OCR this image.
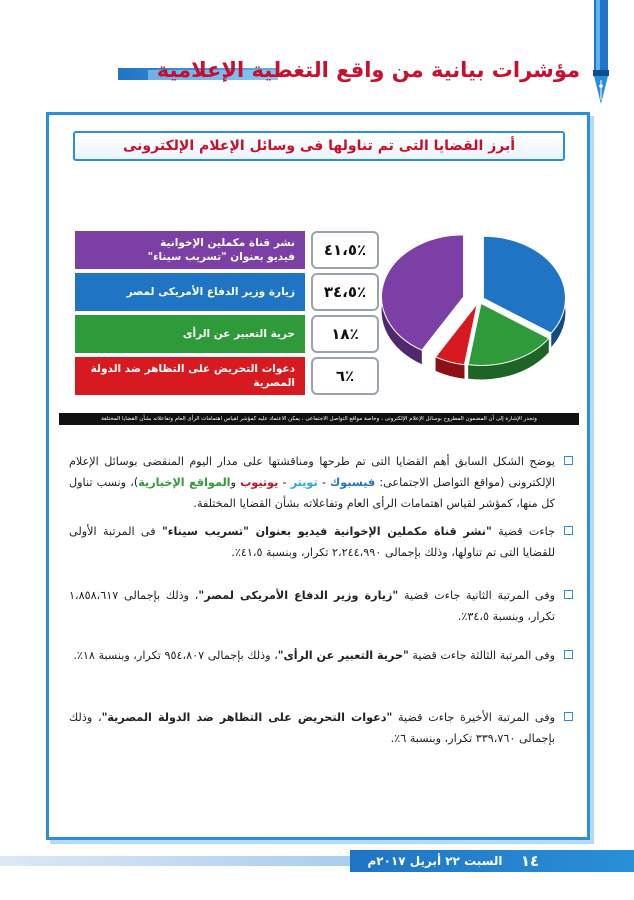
مؤشرات بيانية من واقع التغطية الإعلامية
أبرز القضايا التى تم تناولها فى وسائل الإعلام الإلكترونى
نشر قناة مكملين الإخوانية
فيديو بعنوان "تسريب سيناء"
زيارة وزير الدفاع الأمريكى لمصر
حرية التعبير عن الرأى
دعوات التحريض على التظاهر ضد الدولة المصرية
٪٤١،٥
٪٣٤،٥
٪١٨
٪٦
وتجدر الإشارة إلى أن المضمون المطروح بوسائل الإعلام الإلكترونى ، وخاصة مواقع التواصل الاجتماعى ، يمكن الاعتماد عليه كمؤشر لقياس اهتمامات الرأى العام وتفاعلاته بشأن القضايا المختلفة
يوضح الشكل السابق أهم القضايا التى تم طرحها ومناقشتها على مدار اليوم المنقضى بوسائل الإعلام الإلكترونى (مواقع التواصل الاجتماعى: فيسبوك - تويتر - يوتيوب والمواقع الإخبارية)، ونسب تناول كل منها، كمؤشر لقياس اهتمامات الرأى العام وتفاعلاته بشأن القضايا المختلفة.
جاءت قضية "نشر قناة مكملين الإخوانية فيديو بعنوان "تسريب سيناء" فى المرتبة الأولى للقضايا التى تم تناولها، وذلك بإجمالى ٢،٢٤٤،٩٩٠ تكرار، وبنسبة ٤١،٥٪.
وفى المرتبة الثانية جاءت قضية "زيارة وزير الدفاع الأمريكى لمصر"، وذلك بإجمالى ١،٨٥٨،٦١٧ تكرار، وبنسبة ٣٤،٥٪.
وفى المرتبة الثالثة جاءت قضية "حرية التعبير عن الرأى"، وذلك بإجمالى ٩٥٤،٨٠٧ تكرار، وبنسبة ١٨٪.
وفى المرتبة الأخيرة جاءت قضية "دعوات التحريض على التظاهر ضد الدولة المصرية"، وذلك بإجمالى ٣٣٩،٧٦٠ تكرار، وبنسبة ٦٪.
السبت ٢٢ أبريل ٢٠١٧م	١٤
